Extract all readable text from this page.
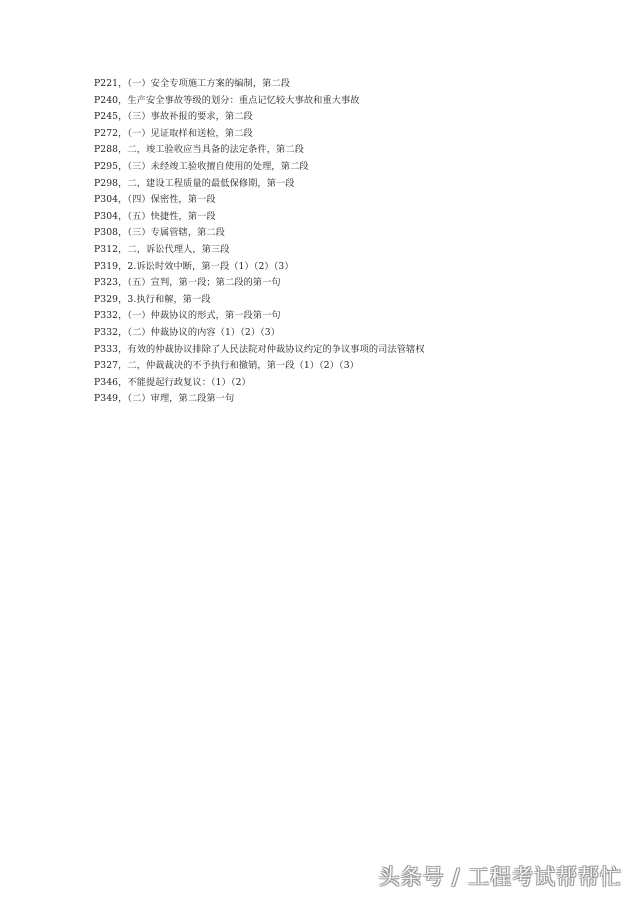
P221，（一）安全专项施工方案的编制，第二段
P240，生产安全事故等级的划分：重点记忆较大事故和重大事故
P245，（三）事故补报的要求，第二段
P272，（一）见证取样和送检，第二段
P288，二，竣工验收应当具备的法定条件，第二段
P295，（三）未经竣工验收擅自使用的处理，第二段
P298，二，建设工程质量的最低保修期，第一段
P304，（四）保密性，第一段
P304，（五）快捷性，第一段
P308，（三）专属管辖，第二段
P312，二，诉讼代理人，第三段
P319，2.诉讼时效中断，第一段（1）（2）（3）
P323，（五）宣判，第一段；第二段的第一句
P329，3.执行和解，第一段
P332，（一）仲裁协议的形式，第一段第一句
P332，（二）仲裁协议的内容（1）（2）（3）
P333，有效的仲裁协议排除了人民法院对仲裁协议约定的争议事项的司法管辖权
P327，二，仲裁裁决的不予执行和撤销，第一段（1）（2）（3）
P346，不能提起行政复议：（1）（2）
P349，（二）审理，第二段第一句
头条号 / 工程考试帮帮忙
